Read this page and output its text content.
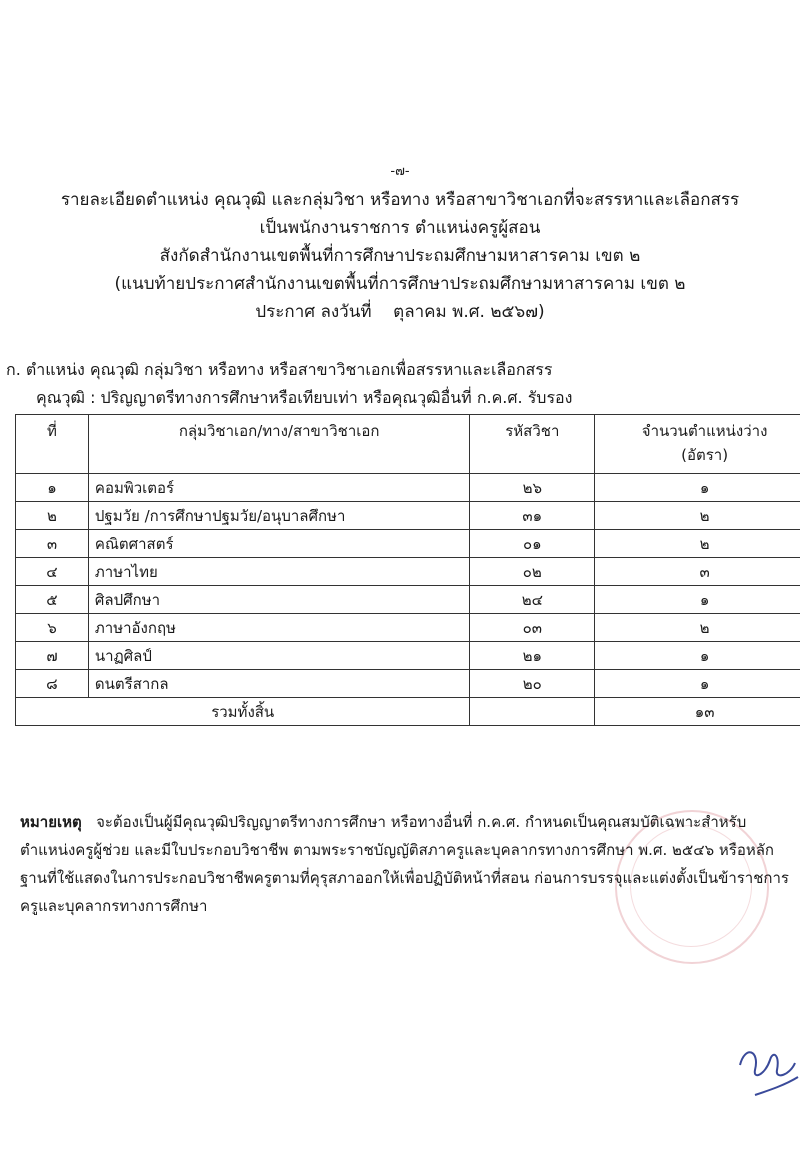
-๗-
รายละเอียดตำแหน่ง คุณวุฒิ และกลุ่มวิชา หรือทาง หรือสาขาวิชาเอกที่จะสรรหาและเลือกสรร
เป็นพนักงานราชการ ตำแหน่งครูผู้สอน
สังกัดสำนักงานเขตพื้นที่การศึกษาประถมศึกษามหาสารคาม เขต ๒
(แนบท้ายประกาศสำนักงานเขตพื้นที่การศึกษาประถมศึกษามหาสารคาม เขต ๒
ประกาศ ลงวันที่    ตุลาคม พ.ศ. ๒๕๖๗)
ก. ตำแหน่ง คุณวุฒิ กลุ่มวิชา หรือทาง หรือสาขาวิชาเอกเพื่อสรรหาและเลือกสรร
คุณวุฒิ : ปริญญาตรีทางการศึกษาหรือเทียบเท่า หรือคุณวุฒิอื่นที่ ก.ค.ศ. รับรอง
ที่	กลุ่มวิชาเอก/ทาง/สาขาวิชาเอก	รหัสวิชา	จำนวนตำแหน่งว่าง
(อัตรา)
๑	คอมพิวเตอร์	๒๖	๑
๒	ปฐมวัย /การศึกษาปฐมวัย/อนุบาลศึกษา	๓๑	๒
๓	คณิตศาสตร์	๐๑	๒
๔	ภาษาไทย	๐๒	๓
๕	ศิลปศึกษา	๒๔	๑
๖	ภาษาอังกฤษ	๐๓	๒
๗	นาฏศิลป์	๒๑	๑
๘	ดนตรีสากล	๒๐	๑
รวมทั้งสิ้น			๑๓
หมายเหตุ จะต้องเป็นผู้มีคุณวุฒิปริญญาตรีทางการศึกษา หรือทางอื่นที่ ก.ค.ศ. กำหนดเป็นคุณสมบัติเฉพาะสำหรับตำแหน่งครูผู้ช่วย และมีใบประกอบวิชาชีพ ตามพระราชบัญญัติสภาครูและบุคลากรทางการศึกษา พ.ศ. ๒๕๔๖ หรือหลักฐานที่ใช้แสดงในการประกอบวิชาชีพครูตามที่คุรุสภาออกให้เพื่อปฏิบัติหน้าที่สอน ก่อนการบรรจุและแต่งตั้งเป็นข้าราชการครูและบุคลากรทางการศึกษา
